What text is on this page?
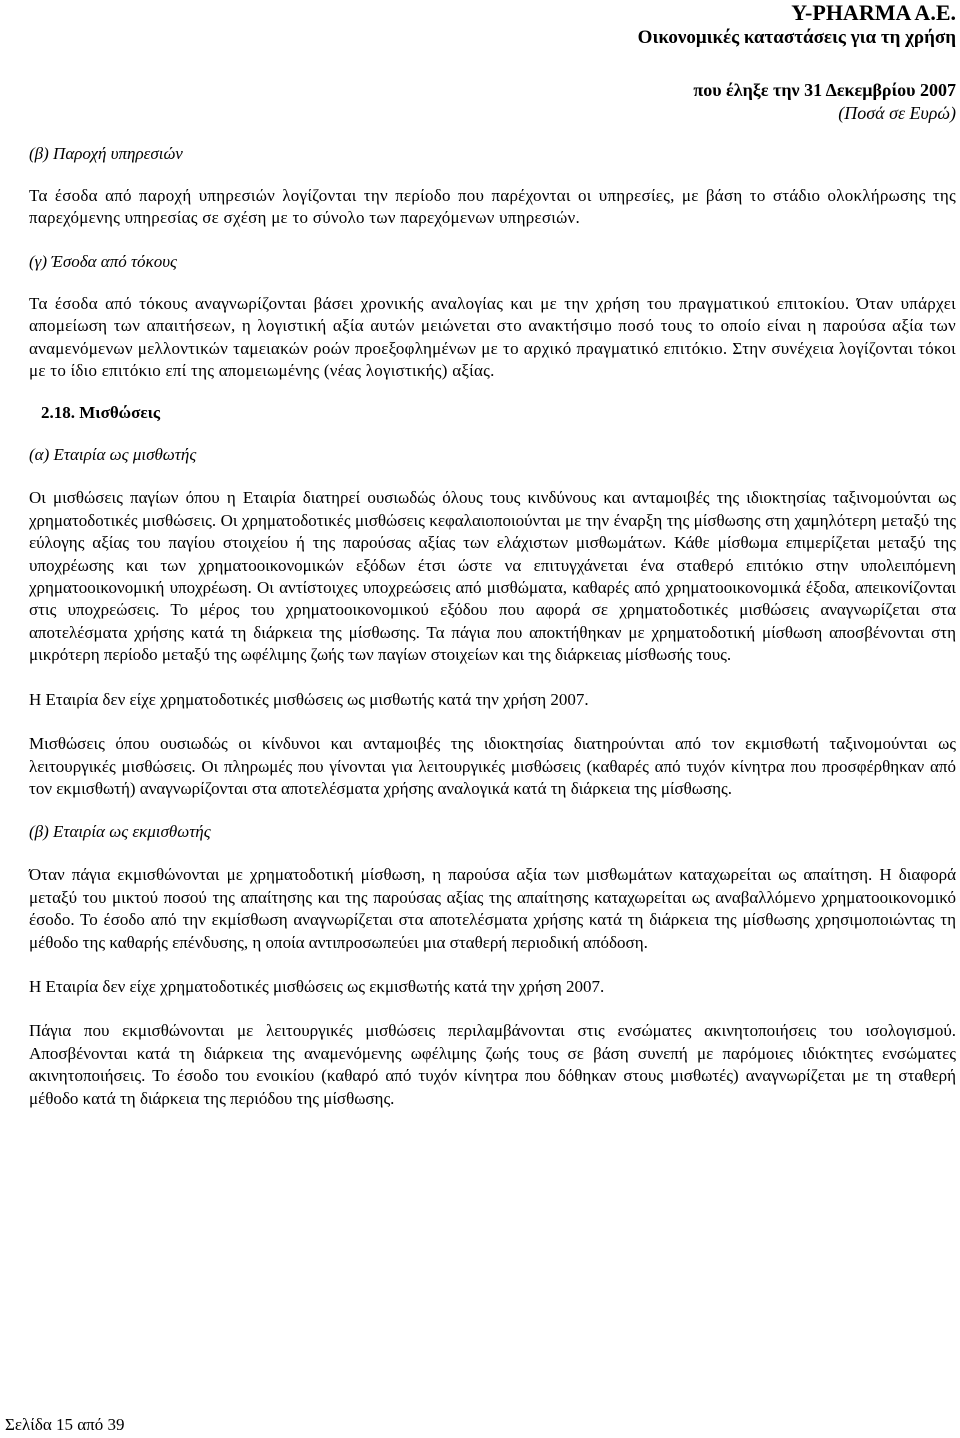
Y-PHARMA A.E.
Οικονομικές καταστάσεις για τη χρήση
που έληξε την 31 Δεκεμβρίου 2007
(Ποσά σε Ευρώ)

(β) Παροχή υπηρεσιών

Τα έσοδα από παροχή υπηρεσιών λογίζονται την περίοδο που παρέχονται οι υπηρεσίες, με βάση το στάδιο ολοκλήρωσης της παρεχόμενης υπηρεσίας σε σχέση με το σύνολο των παρεχόμενων υπηρεσιών.

(γ) Έσοδα από τόκους

Τα έσοδα από τόκους αναγνωρίζονται βάσει χρονικής αναλογίας και με την χρήση του πραγματικού επιτοκίου. Όταν υπάρχει απομείωση των απαιτήσεων, η λογιστική αξία αυτών μειώνεται στο ανακτήσιμο ποσό τους το οποίο είναι η παρούσα αξία των αναμενόμενων μελλοντικών ταμειακών ροών προεξοφλημένων με το αρχικό πραγματικό επιτόκιο. Στην συνέχεια λογίζονται τόκοι με το ίδιο επιτόκιο επί της απομειωμένης (νέας λογιστικής) αξίας.

2.18. Μισθώσεις

(α) Εταιρία ως μισθωτής

Οι μισθώσεις παγίων όπου η Εταιρία διατηρεί ουσιωδώς όλους τους κινδύνους και ανταμοιβές της ιδιοκτησίας ταξινομούνται ως χρηματοδοτικές μισθώσεις. Οι χρηματοδοτικές μισθώσεις κεφαλαιοποιούνται με την έναρξη της μίσθωσης στη χαμηλότερη μεταξύ της εύλογης αξίας του παγίου στοιχείου ή της παρούσας αξίας των ελάχιστων μισθωμάτων. Κάθε μίσθωμα επιμερίζεται μεταξύ της υποχρέωσης και των χρηματοοικονομικών εξόδων έτσι ώστε να επιτυγχάνεται ένα σταθερό επιτόκιο στην υπολειπόμενη χρηματοοικονομική υποχρέωση. Οι αντίστοιχες υποχρεώσεις από μισθώματα, καθαρές από χρηματοοικονομικά έξοδα, απεικονίζονται στις υποχρεώσεις. Το μέρος του χρηματοοικονομικού εξόδου που αφορά σε χρηματοδοτικές μισθώσεις αναγνωρίζεται στα αποτελέσματα χρήσης κατά τη διάρκεια της μίσθωσης. Τα πάγια που αποκτήθηκαν με χρηματοδοτική μίσθωση αποσβένονται στη μικρότερη περίοδο μεταξύ της ωφέλιμης ζωής των παγίων στοιχείων και της διάρκειας μίσθωσής τους.

Η Εταιρία δεν είχε χρηματοδοτικές μισθώσεις ως μισθωτής κατά την χρήση 2007.

Μισθώσεις όπου ουσιωδώς οι κίνδυνοι και ανταμοιβές της ιδιοκτησίας διατηρούνται από τον εκμισθωτή ταξινομούνται ως λειτουργικές μισθώσεις. Οι πληρωμές που γίνονται για λειτουργικές μισθώσεις (καθαρές από τυχόν κίνητρα που προσφέρθηκαν από τον εκμισθωτή) αναγνωρίζονται στα αποτελέσματα χρήσης αναλογικά κατά τη διάρκεια της μίσθωσης.

(β) Εταιρία ως εκμισθωτής

Όταν πάγια εκμισθώνονται με χρηματοδοτική μίσθωση, η παρούσα αξία των μισθωμάτων καταχωρείται ως απαίτηση. Η διαφορά μεταξύ του μικτού ποσού της απαίτησης και της παρούσας αξίας της απαίτησης καταχωρείται ως αναβαλλόμενο χρηματοοικονομικό έσοδο. Το έσοδο από την εκμίσθωση αναγνωρίζεται στα αποτελέσματα χρήσης κατά τη διάρκεια της μίσθωσης χρησιμοποιώντας τη μέθοδο της καθαρής επένδυσης, η οποία αντιπροσωπεύει μια σταθερή περιοδική απόδοση.

Η Εταιρία δεν είχε χρηματοδοτικές μισθώσεις ως εκμισθωτής κατά την χρήση 2007.

Πάγια που εκμισθώνονται με λειτουργικές μισθώσεις περιλαμβάνονται στις ενσώματες ακινητοποιήσεις του ισολογισμού. Αποσβένονται κατά τη διάρκεια της αναμενόμενης ωφέλιμης ζωής τους σε βάση συνεπή με παρόμοιες ιδιόκτητες ενσώματες ακινητοποιήσεις. Το έσοδο του ενοικίου (καθαρό από τυχόν κίνητρα που δόθηκαν στους μισθωτές) αναγνωρίζεται με τη σταθερή μέθοδο κατά τη διάρκεια της περιόδου της μίσθωσης.

Σελίδα 15 από 39
